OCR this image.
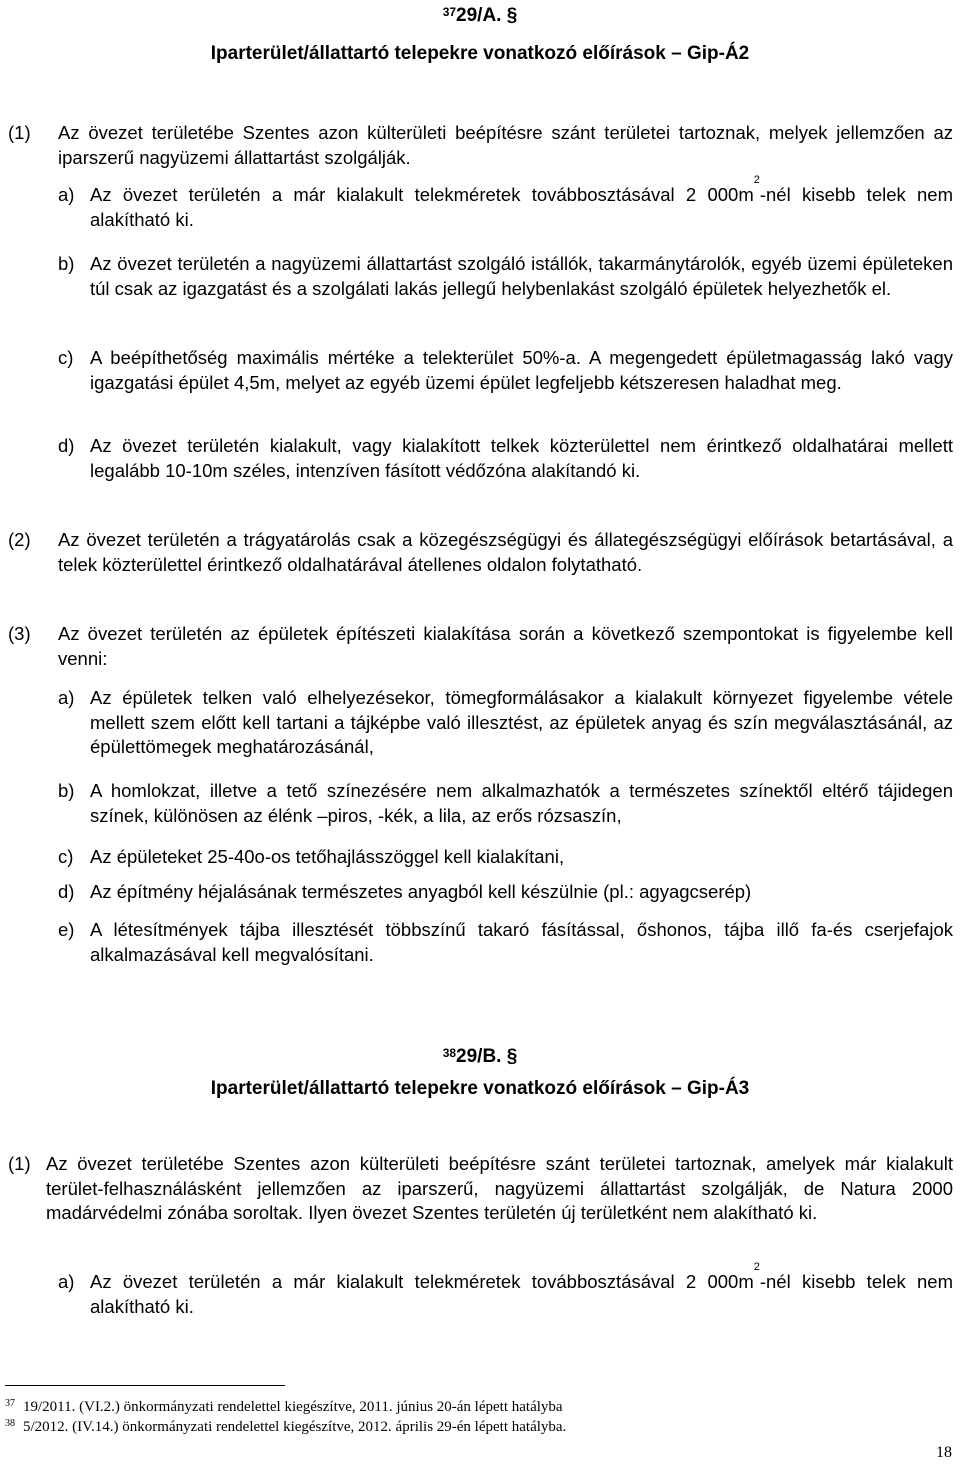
$^{37}$29/A. §
Iparterület/állattartó telepekre vonatkozó előírások – Gip-Á2
(1) Az övezet területébe Szentes azon külterületi beépítésre szánt területei tartoznak, melyek jellemzően az iparszerű nagyüzemi állattartást szolgálják.
a) Az övezet területén a már kialakult telekméretek továbbosztásával 2 $000m^2$-nél kisebb telek nem alakítható ki.
b) Az övezet területén a nagyüzemi állattartást szolgáló istállók, takarmánytárolók, egyéb üzemi épületeken túl csak az igazgatást és a szolgálati lakás jellegű helybenlakást szolgáló épületek helyezhetők el.
c) A beépíthetőség maximális mértéke a telekterület 50%-a. A megengedett épületmagasság lakó vagy igazgatási épület 4,5m, melyet az egyéb üzemi épület legfeljebb kétszeresen haladhat meg.
d) Az övezet területén kialakult, vagy kialakított telkek közterülettel nem érintkező oldalhatárai mellett legalább 10-10m széles, intenzíven fásított védőzóna alakítandó ki.
(2) Az övezet területén a trágyatárolás csak a közegészségügyi és állategészségügyi előírások betartásával, a telek közterülettel érintkező oldalhatárával átellenes oldalon folytatható.
(3) Az övezet területén az épületek építészeti kialakítása során a következő szempontokat is figyelembe kell venni:
a) Az épületek telken való elhelyezésekor, tömegformálásakor a kialakult környezet figyelembe vétele mellett szem előtt kell tartani a tájképbe való illesztést, az épületek anyag és szín megválasztásánál, az épülettömegek meghatározásánál,
b) A homlokzat, illetve a tető színezésére nem alkalmazhatók a természetes színektől eltérő tájidegen színek, különösen az élénk –piros, -kék, a lila, az erős rózsaszín,
c) Az épületeket 25-40o-os tetőhajlásszöggel kell kialakítani,
d) Az építmény héjalásának természetes anyagból kell készülnie (pl.: agyagcserép)
e) A létesítmények tájba illesztését többszínű takaró fásítással, őshonos, tájba illő fa-és cserjefajok alkalmazásával kell megvalósítani.
$^{38}$29/B. §
Iparterület/állattartó telepekre vonatkozó előírások – Gip-Á3
(1) Az övezet területébe Szentes azon külterületi beépítésre szánt területei tartoznak, amelyek már kialakult terület-felhasználásként jellemzően az iparszerű, nagyüzemi állattartást szolgálják, de Natura 2000 madárvédelmi zónába soroltak. Ilyen övezet Szentes területén új területként nem alakítható ki.
a) Az övezet területén a már kialakult telekméretek továbbosztásával 2 $000m^2$-nél kisebb telek nem alakítható ki.
$^{37}$ 19/2011. (VI.2.) önkormányzati rendelettel kiegészítve, 2011. június 20-án lépett hatályba
$^{38}$ 5/2012. (IV.14.) önkormányzati rendelettel kiegészítve, 2012. április 29-én lépett hatályba.
18
